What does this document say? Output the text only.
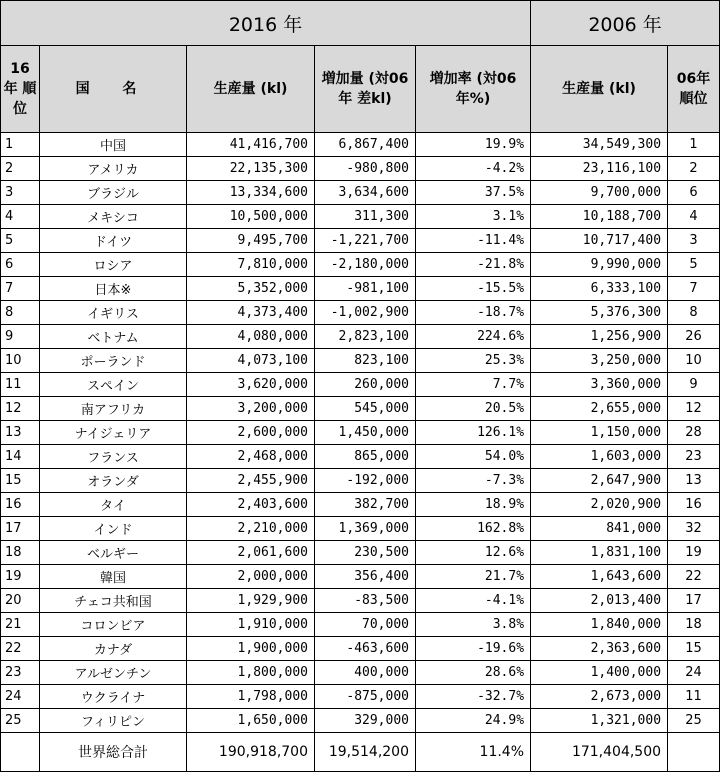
2016 年					2006 年	
16 年 順 位	国 名	生産量 (kl)	増加量 (対06年 差kl)	増加率 (対06年%)	生産量 (kl)	06年 順位
1	中国	41,416,700	6,867,400	19.9%	34,549,300	1
2	アメリカ	22,135,300	-980,800	-4.2%	23,116,100	2
3	ブラジル	13,334,600	3,634,600	37.5%	9,700,000	6
4	メキシコ	10,500,000	311,300	3.1%	10,188,700	4
5	ドイツ	9,495,700	-1,221,700	-11.4%	10,717,400	3
6	ロシア	7,810,000	-2,180,000	-21.8%	9,990,000	5
7	日本※	5,352,000	-981,100	-15.5%	6,333,100	7
8	イギリス	4,373,400	-1,002,900	-18.7%	5,376,300	8
9	ベトナム	4,080,000	2,823,100	224.6%	1,256,900	26
10	ポーランド	4,073,100	823,100	25.3%	3,250,000	10
11	スペイン	3,620,000	260,000	7.7%	3,360,000	9
12	南アフリカ	3,200,000	545,000	20.5%	2,655,000	12
13	ナイジェリア	2,600,000	1,450,000	126.1%	1,150,000	28
14	フランス	2,468,000	865,000	54.0%	1,603,000	23
15	オランダ	2,455,900	-192,000	-7.3%	2,647,900	13
16	タイ	2,403,600	382,700	18.9%	2,020,900	16
17	インド	2,210,000	1,369,000	162.8%	841,000	32
18	ベルギー	2,061,600	230,500	12.6%	1,831,100	19
19	韓国	2,000,000	356,400	21.7%	1,643,600	22
20	チェコ共和国	1,929,900	-83,500	-4.1%	2,013,400	17
21	コロンビア	1,910,000	70,000	3.8%	1,840,000	18
22	カナダ	1,900,000	-463,600	-19.6%	2,363,600	15
23	アルゼンチン	1,800,000	400,000	28.6%	1,400,000	24
24	ウクライナ	1,798,000	-875,000	-32.7%	2,673,000	11
25	フィリピン	1,650,000	329,000	24.9%	1,321,000	25
	世界総合計	190,918,700	19,514,200	11.4%	171,404,500	
